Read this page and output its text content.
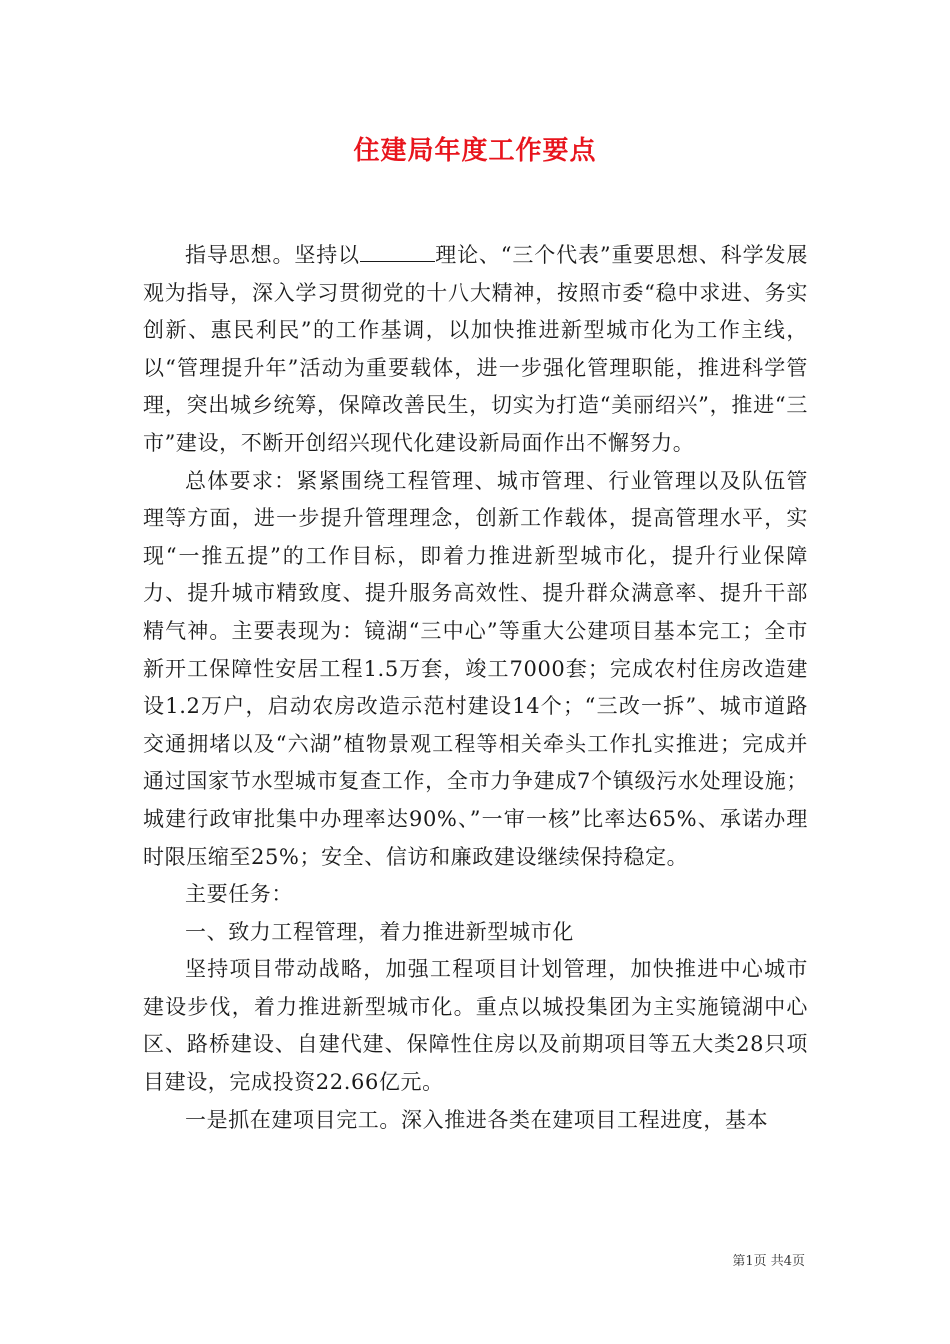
住建局年度工作要点

指导思想。坚持以	理论、“三个代表”重要思想、科学发展观为指导，深入学习贯彻党的十八大精神，按照市委“稳中求进、务实创新、惠民利民”的工作基调，以加快推进新型城市化为工作主线，以“管理提升年”活动为重要载体，进一步强化管理职能，推进科学管理，突出城乡统筹，保障改善民生，切实为打造“美丽绍兴”，推进“三市”建设，不断开创绍兴现代化建设新局面作出不懈努力。

总体要求：紧紧围绕工程管理、城市管理、行业管理以及队伍管理等方面，进一步提升管理理念，创新工作载体，提高管理水平，实现“一推五提”的工作目标，即着力推进新型城市化，提升行业保障力、提升城市精致度、提升服务高效性、提升群众满意率、提升干部精气神。主要表现为：镜湖“三中心”等重大公建项目基本完工；全市新开工保障性安居工程1.5万套，竣工7000套；完成农村住房改造建设1.2万户，启动农房改造示范村建设14个；“三改一拆”、城市道路交通拥堵以及“六湖”植物景观工程等相关牵头工作扎实推进；完成并通过国家节水型城市复查工作，全市力争建成7个镇级污水处理设施；城建行政审批集中办理率达90%、”一审一核”比率达65%、承诺办理时限压缩至25%；安全、信访和廉政建设继续保持稳定。

主要任务：

一、致力工程管理，着力推进新型城市化

坚持项目带动战略，加强工程项目计划管理，加快推进中心城市建设步伐，着力推进新型城市化。重点以城投集团为主实施镜湖中心区、路桥建设、自建代建、保障性住房以及前期项目等五大类28只项目建设，完成投资22.66亿元。

一是抓在建项目完工。深入推进各类在建项目工程进度，基本

第1页 共4页
